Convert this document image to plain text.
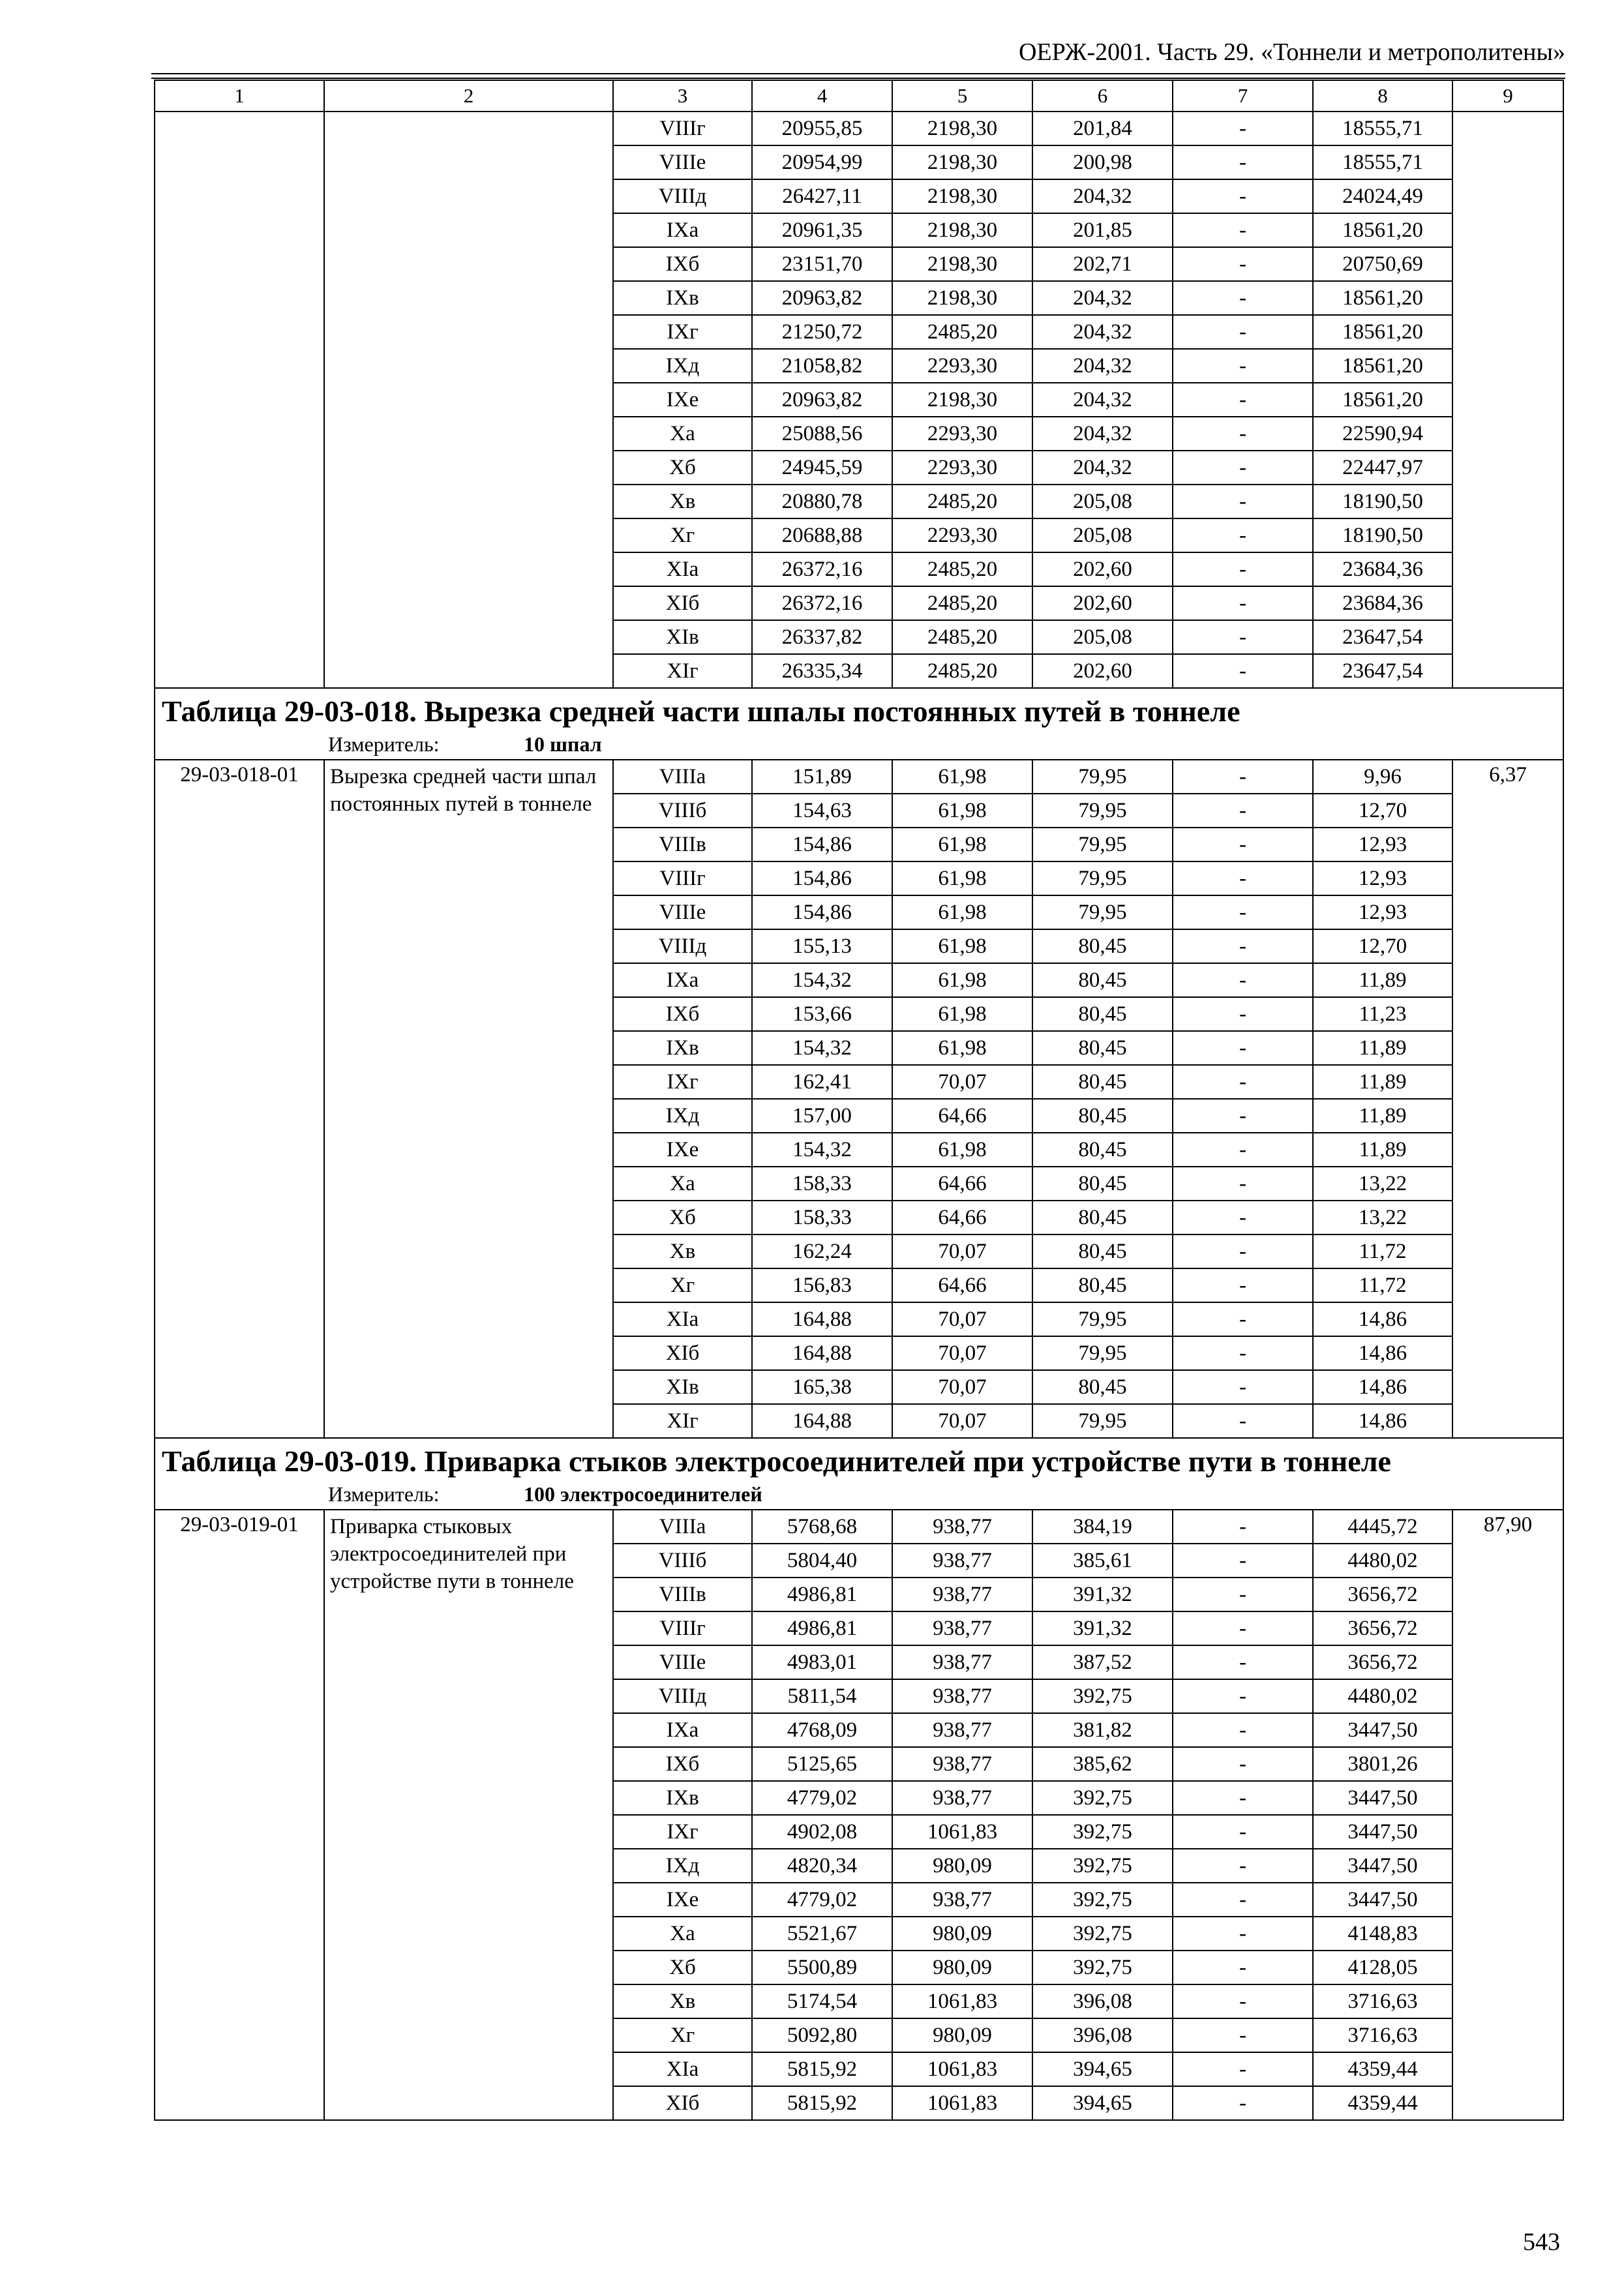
ОЕРЖ-2001. Часть 29. «Тоннели и метрополитены»
1	2	3	4	5	6	7	8	9
		VIIIг	20955,85	2198,30	201,84	-	18555,71	
		VIIIе	20954,99	2198,30	200,98	-	18555,71	
		VIIIд	26427,11	2198,30	204,32	-	24024,49	
		IXа	20961,35	2198,30	201,85	-	18561,20	
		IXб	23151,70	2198,30	202,71	-	20750,69	
		IXв	20963,82	2198,30	204,32	-	18561,20	
		IXг	21250,72	2485,20	204,32	-	18561,20	
		IXд	21058,82	2293,30	204,32	-	18561,20	
		IXе	20963,82	2198,30	204,32	-	18561,20	
		Xа	25088,56	2293,30	204,32	-	22590,94	
		Xб	24945,59	2293,30	204,32	-	22447,97	
		Xв	20880,78	2485,20	205,08	-	18190,50	
		Xг	20688,88	2293,30	205,08	-	18190,50	
		XIа	26372,16	2485,20	202,60	-	23684,36	
		XIб	26372,16	2485,20	202,60	-	23684,36	
		XIв	26337,82	2485,20	205,08	-	23647,54	
		XIг	26335,34	2485,20	202,60	-	23647,54	

Таблица 29-03-018. Вырезка средней части шпалы постоянных путей в тоннеле
Измеритель: 10 шпал								

29-03-018-01	Вырезка средней части шпал постоянных путей в тоннеле	VIIIа	151,89	61,98	79,95	-	9,96	6,37
		VIIIб	154,63	61,98	79,95	-	12,70	
		VIIIв	154,86	61,98	79,95	-	12,93	
		VIIIг	154,86	61,98	79,95	-	12,93	
		VIIIе	154,86	61,98	79,95	-	12,93	
		VIIIд	155,13	61,98	80,45	-	12,70	
		IXа	154,32	61,98	80,45	-	11,89	
		IXб	153,66	61,98	80,45	-	11,23	
		IXв	154,32	61,98	80,45	-	11,89	
		IXг	162,41	70,07	80,45	-	11,89	
		IXд	157,00	64,66	80,45	-	11,89	
		IXе	154,32	61,98	80,45	-	11,89	
		Xа	158,33	64,66	80,45	-	13,22	
		Xб	158,33	64,66	80,45	-	13,22	
		Xв	162,24	70,07	80,45	-	11,72	
		Xг	156,83	64,66	80,45	-	11,72	
		XIа	164,88	70,07	79,95	-	14,86	
		XIб	164,88	70,07	79,95	-	14,86	
		XIв	165,38	70,07	80,45	-	14,86	
		XIг	164,88	70,07	79,95	-	14,86	

Таблица 29-03-019. Приварка стыков электросоединителей при устройстве пути в тоннеле
Измеритель: 100 электросоединителей								

29-03-019-01	Приварка стыковых электросоединителей при устройстве пути в тоннеле	VIIIа	5768,68	938,77	384,19	-	4445,72	87,90
		VIIIб	5804,40	938,77	385,61	-	4480,02	
		VIIIв	4986,81	938,77	391,32	-	3656,72	
		VIIIг	4986,81	938,77	391,32	-	3656,72	
		VIIIе	4983,01	938,77	387,52	-	3656,72	
		VIIIд	5811,54	938,77	392,75	-	4480,02	
		IXа	4768,09	938,77	381,82	-	3447,50	
		IXб	5125,65	938,77	385,62	-	3801,26	
		IXв	4779,02	938,77	392,75	-	3447,50	
		IXг	4902,08	1061,83	392,75	-	3447,50	
		IXд	4820,34	980,09	392,75	-	3447,50	
		IXе	4779,02	938,77	392,75	-	3447,50	
		Xа	5521,67	980,09	392,75	-	4148,83	
		Xб	5500,89	980,09	392,75	-	4128,05	
		Xв	5174,54	1061,83	396,08	-	3716,63	
		Xг	5092,80	980,09	396,08	-	3716,63	
		XIа	5815,92	1061,83	394,65	-	4359,44	
		XIб	5815,92	1061,83	394,65	-	4359,44	
543
